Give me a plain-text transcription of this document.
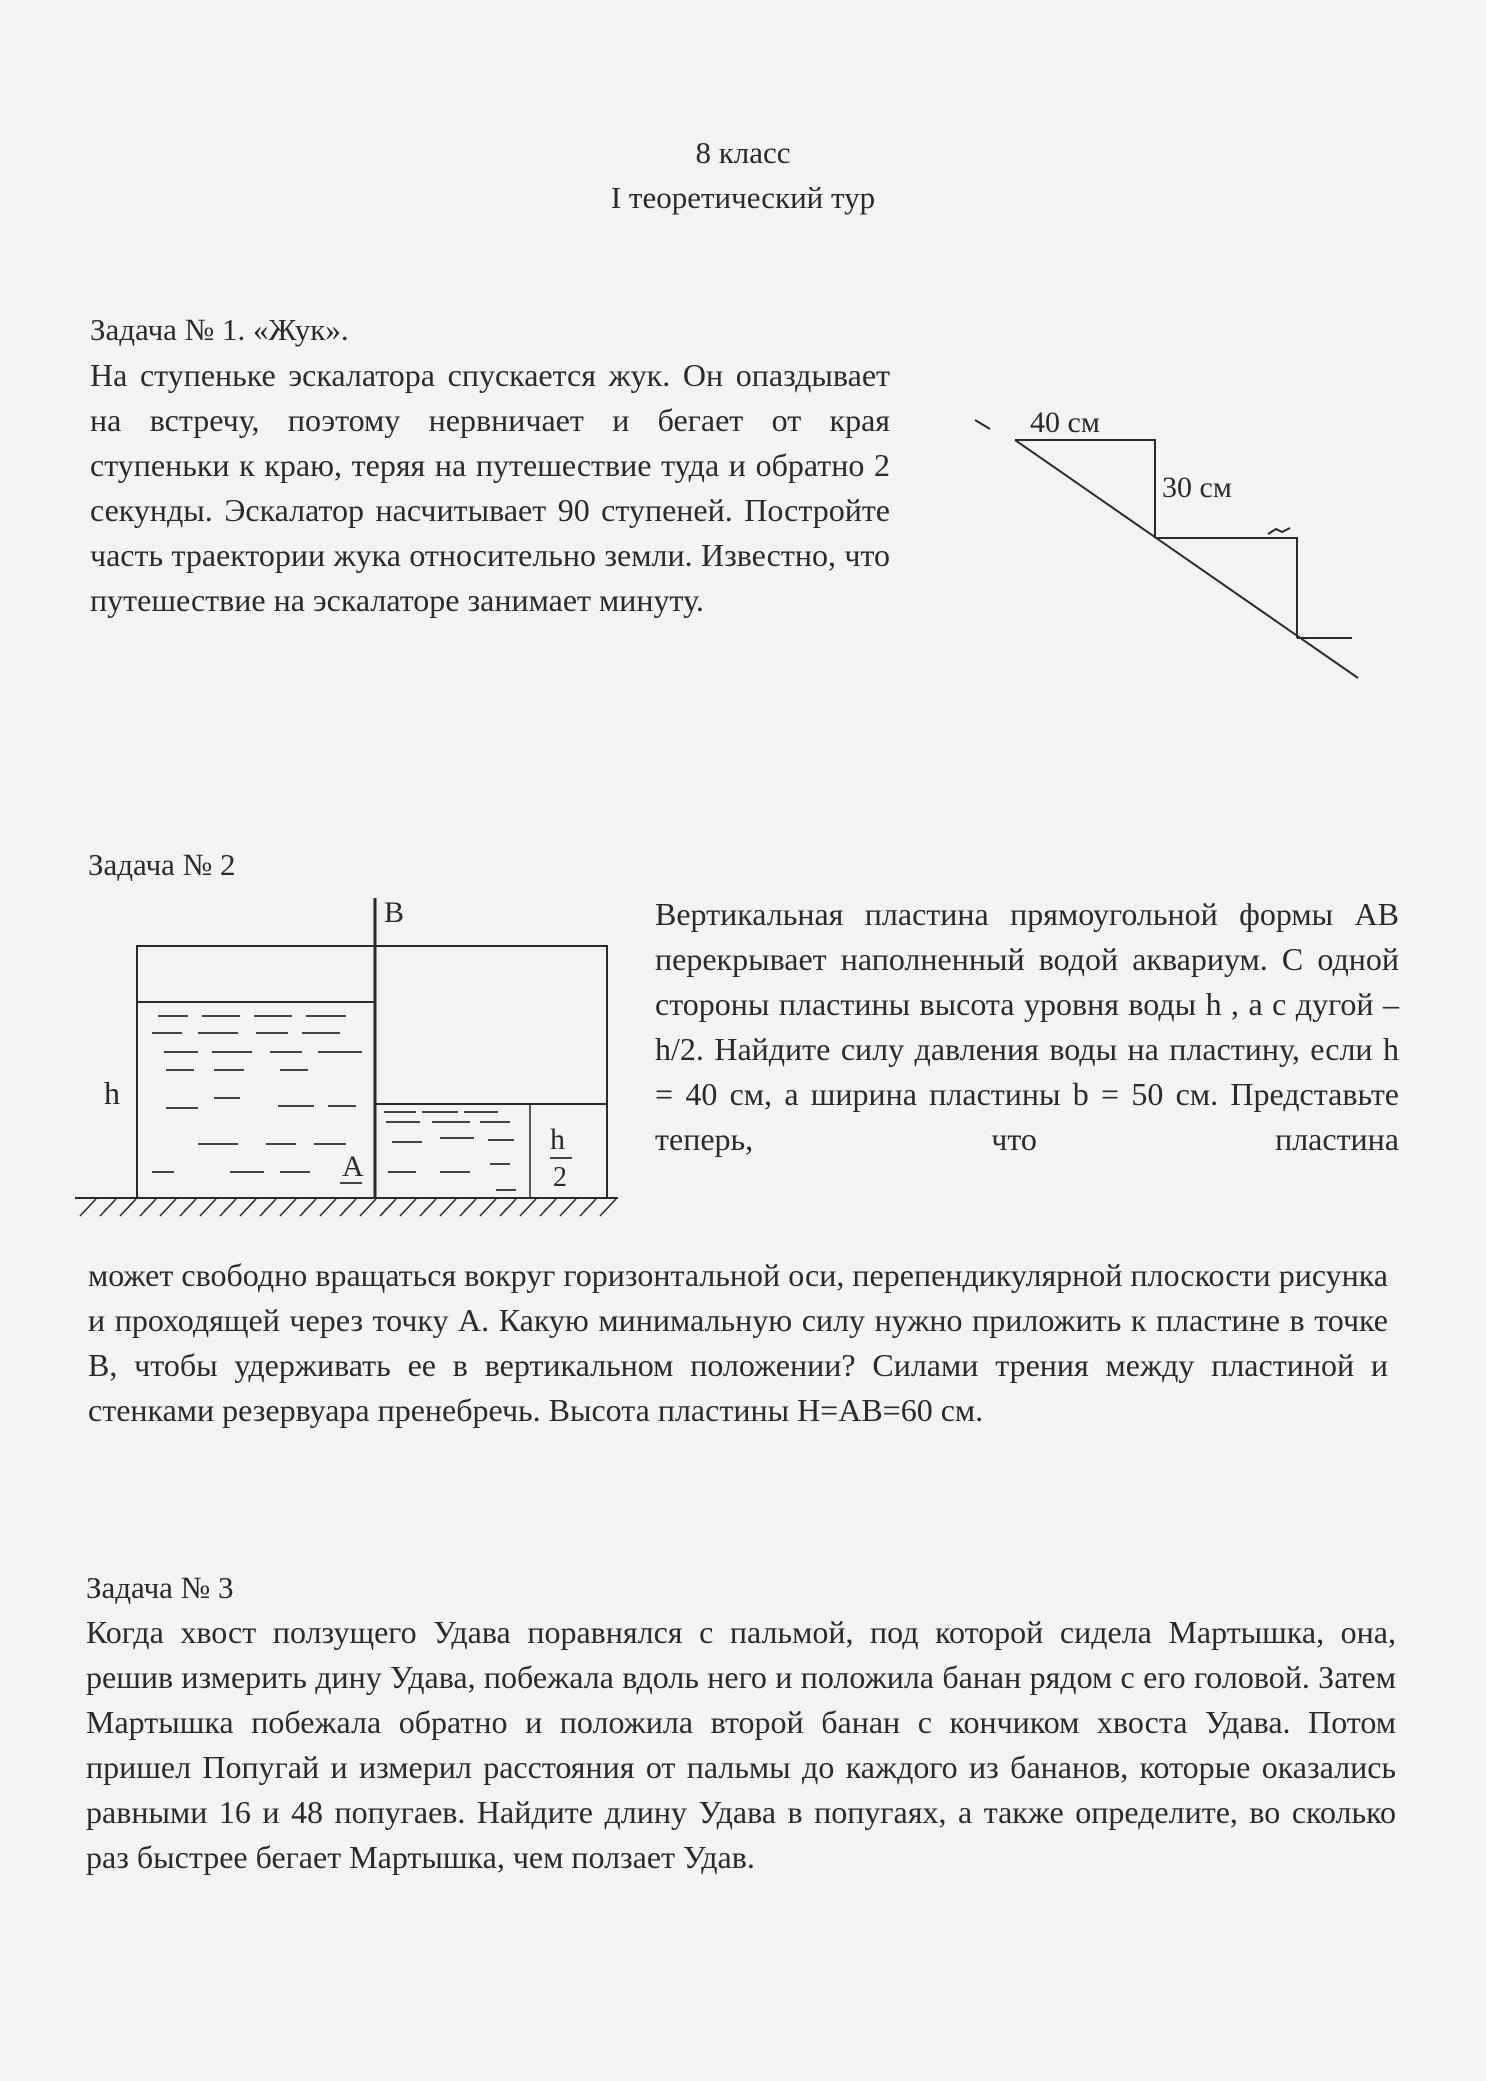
8 класс
I теоретический тур
Задача № 1. «Жук».
На ступеньке эскалатора спускается жук. Он опаздывает на встречу, поэтому нервничает и бегает от края ступеньки к краю, теряя на путешествие туда и обратно 2 секунды. Эскалатор насчитывает 90 ступеней. Постройте часть траектории жука относительно земли. Известно, что путешествие на эскалаторе занимает минуту.
40 см
30 см
Задача № 2
В
А
h
h
2
Вертикальная пластина прямоугольной формы АВ перекрывает наполненный водой аквариум. С одной стороны пластины высота уровня воды h , а с дугой – h/2. Найдите силу давления воды на пластину, если h = 40 см, а ширина пластины b = 50 см. Представьте теперь, что пластина
может свободно вращаться вокруг горизонтальной оси, перепендикулярной плоскости рисунка и проходящей через точку А. Какую минимальную силу нужно приложить к пластине в точке В, чтобы удерживать ее в вертикальном положении? Силами трения между пластиной и стенками резервуара пренебречь. Высота пластины H=АВ=60 см.
Задача № 3
Когда хвост ползущего Удава поравнялся с пальмой, под которой сидела Мартышка, она, решив измерить дину Удава, побежала вдоль него и положила банан рядом с его головой. Затем Мартышка побежала обратно и положила второй банан с кончиком хвоста Удава. Потом пришел Попугай и измерил расстояния от пальмы до каждого из бананов, которые оказались равными 16 и 48 попугаев. Найдите длину Удава в попугаях, а также определите, во сколько раз быстрее бегает Мартышка, чем ползает Удав.
